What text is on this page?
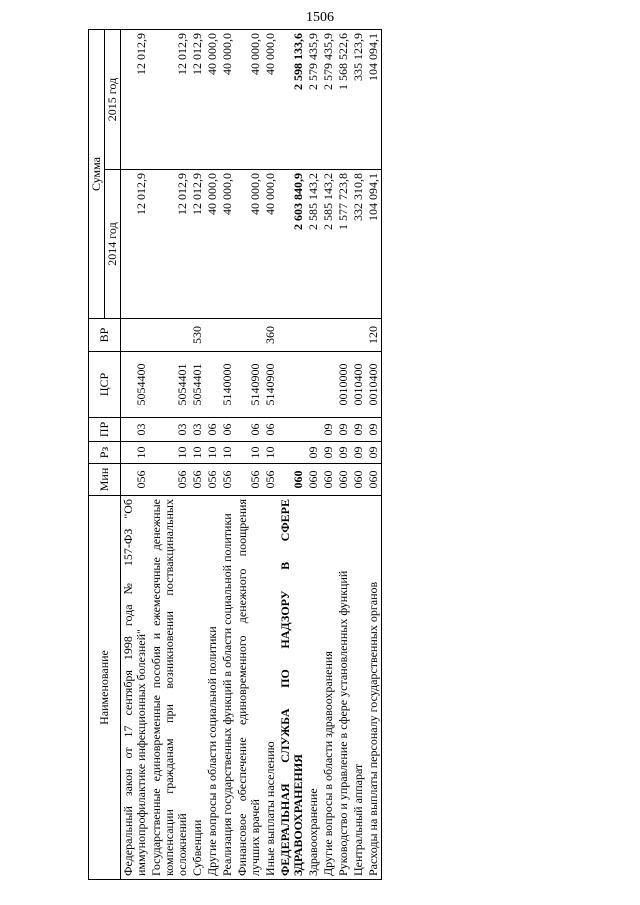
1506
Наименование	Мин	Рз	ПР	ЦСР	ВР	Сумма	
						2014 год	2015 год
Федеральный закон от 17 сентября 1998 года № 157-ФЗ "Об иммунопрофилактике инфекционных болезней"	056	10	03	5054400		12 012,9	12 012,9
Государственные единовременные пособия и ежемесячные денежные компенсации гражданам при возникновении поствакцинальных осложнений	056	10	03	5054401		12 012,9	12 012,9
Субвенции	056	10	03	5054401	530	12 012,9	12 012,9
Другие вопросы в области социальной политики	056	10	06			40 000,0	40 000,0
Реализация государственных функций в области социальной политики	056	10	06	5140000		40 000,0	40 000,0
Финансовое обеспечение единовременного денежного поощрения лучших врачей	056	10	06	5140900		40 000,0	40 000,0
Иные выплаты населению	056	10	06	5140900	360	40 000,0	40 000,0
ФЕДЕРАЛЬНАЯ СЛУЖБА ПО НАДЗОРУ В СФЕРЕ ЗДРАВООХРАНЕНИЯ	060					2 603 840,9	2 598 133,6
Здравоохранение	060	09				2 585 143,2	2 579 435,9
Другие вопросы в области здравоохранения	060	09	09			2 585 143,2	2 579 435,9
Руководство и управление в сфере установленных функций	060	09	09	0010000		1 577 723,8	1 568 522,6
Центральный аппарат	060	09	09	0010400		332 310,8	335 123,9
Расходы на выплаты персоналу государственных органов	060	09	09	0010400	120	104 094,1	104 094,1
